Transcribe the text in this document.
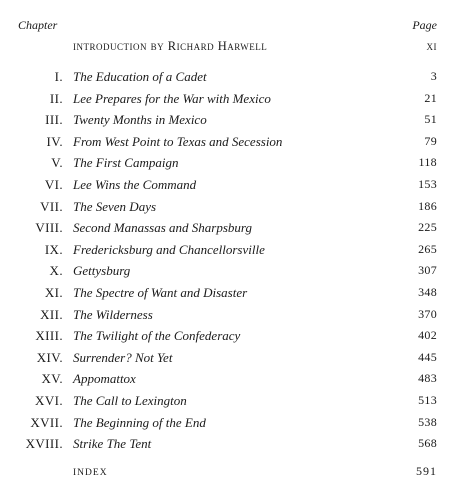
Chapter	Page
introduction by Richard Harwell	xi
I. The Education of a Cadet	3
II. Lee Prepares for the War with Mexico	21
III. Twenty Months in Mexico	51
IV. From West Point to Texas and Secession	79
V. The First Campaign	118
VI. Lee Wins the Command	153
VII. The Seven Days	186
VIII. Second Manassas and Sharpsburg	225
IX. Fredericksburg and Chancellorsville	265
X. Gettysburg	307
XI. The Spectre of Want and Disaster	348
XII. The Wilderness	370
XIII. The Twilight of the Confederacy	402
XIV. Surrender? Not Yet	445
XV. Appomattox	483
XVI. The Call to Lexington	513
XVII. The Beginning of the End	538
XVIII. Strike The Tent	568
INDEX	591
